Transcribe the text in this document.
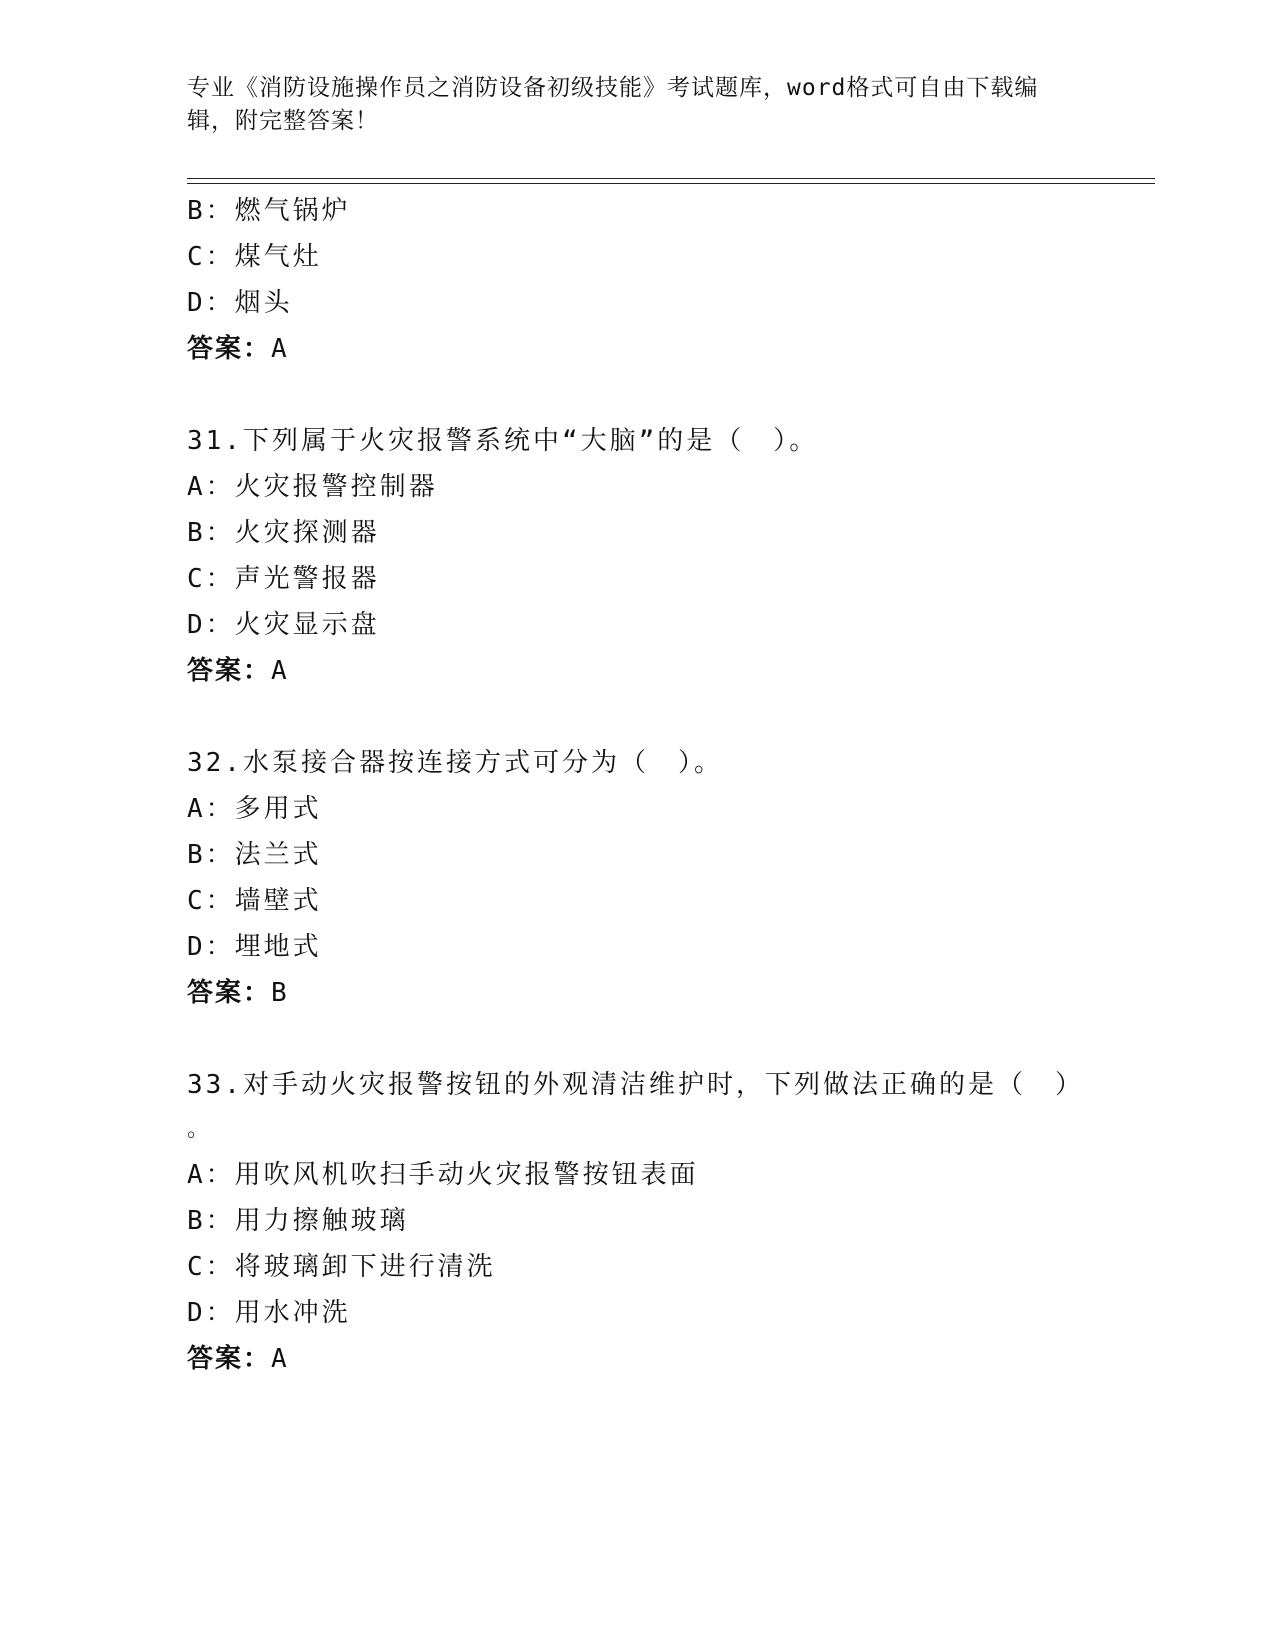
专业《消防设施操作员之消防设备初级技能》考试题库，word格式可自由下载编
辑，附完整答案！
B：燃气锅炉
C：煤气灶
D：烟头
答案：A
31.下列属于火灾报警系统中“大脑”的是（　）。
A：火灾报警控制器
B：火灾探测器
C：声光警报器
D：火灾显示盘
答案：A
32.水泵接合器按连接方式可分为（　）。
A：多用式
B：法兰式
C：墙壁式
D：埋地式
答案：B
33.对手动火灾报警按钮的外观清洁维护时，下列做法正确的是（　）
。
A：用吹风机吹扫手动火灾报警按钮表面
B：用力擦触玻璃
C：将玻璃卸下进行清洗
D：用水冲洗
答案：A
